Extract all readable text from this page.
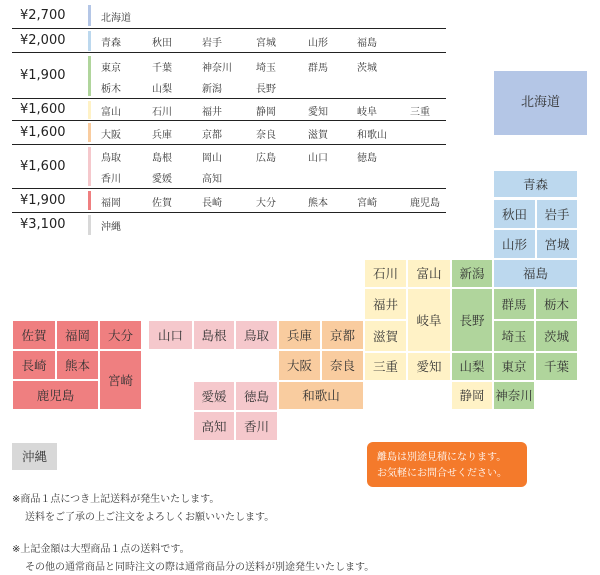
離島は別途見積になります。
お気軽にお問合せください。
※商品１点につき上記送料が発生いたします。
送料をご了承の上ご注文をよろしくお願いいたします。
※上記金額は大型商品１点の送料です。
その他の通常商品と同時注文の際は通常商品分の送料が別途発生いたします。
¥2,700	北海道
¥2,000	青森	秋田	岩手	宮城	山形	福島
¥1,900	東京	千葉	神奈川 埼玉	群馬	茨城
栃木	山梨	新潟	長野
¥1,600	富山	石川	福井	静岡	愛知	岐阜	三重
¥1,600	大阪	兵庫	京都	奈良	滋賀	和歌山
¥1,600	鳥取	島根	岡山	広島	山口	徳島
香川	愛媛	高知
¥1,900	福岡	佐賀	長崎	大分	熊本	宮崎	鹿児島
¥3,100	沖縄
北海道
青森
秋田	岩手
山形	宮城
福島
新潟
長野
群馬	栃木
埼玉	茨城
山梨	東京	千葉
神奈川
石川	富山
福井
岐阜
愛知
静岡
滋賀
三重
兵庫	京都
大阪	奈良
和歌山
山口	島根	鳥取
愛媛	徳島
高知	香川
佐賀	福岡	大分
長崎	熊本
宮崎
鹿児島
沖縄
